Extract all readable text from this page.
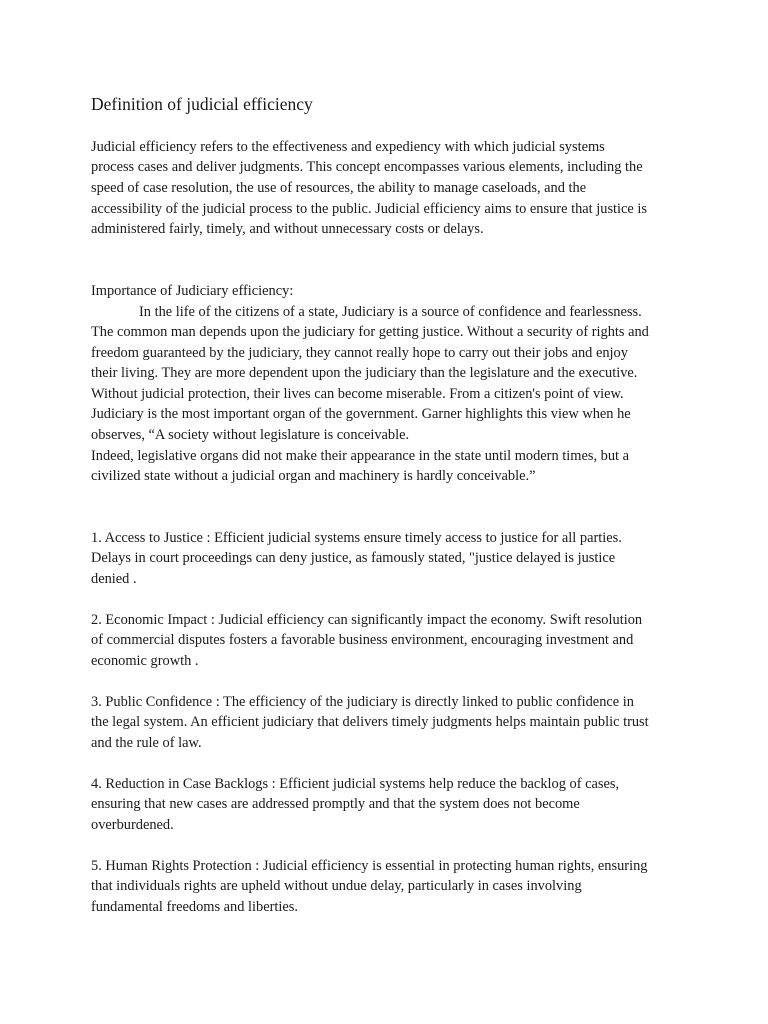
Definition of judicial efficiency

Judicial efficiency refers to the effectiveness and expediency with which judicial systems

process cases and deliver judgments. This concept encompasses various elements, including the

speed of case resolution, the use of resources, the ability to manage caseloads, and the

accessibility of the judicial process to the public. Judicial efficiency aims to ensure that justice is

administered fairly, timely, and without unnecessary costs or delays.

Importance of Judiciary efficiency:

In the life of the citizens of a state, Judiciary is a source of confidence and fearlessness.

The common man depends upon the judiciary for getting justice. Without a security of rights and

freedom guaranteed by the judiciary, they cannot really hope to carry out their jobs and enjoy

their living. They are more dependent upon the judiciary than the legislature and the executive.

Without judicial protection, their lives can become miserable. From a citizen's point of view.

Judiciary is the most important organ of the government. Garner highlights this view when he

observes, “A society without legislature is conceivable.

Indeed, legislative organs did not make their appearance in the state until modern times, but a

civilized state without a judicial organ and machinery is hardly conceivable.”

1. Access to Justice : Efficient judicial systems ensure timely access to justice for all parties.

Delays in court proceedings can deny justice, as famously stated, "justice delayed is justice

denied .

2. Economic Impact : Judicial efficiency can significantly impact the economy. Swift resolution

of commercial disputes fosters a favorable business environment, encouraging investment and

economic growth .

3. Public Confidence : The efficiency of the judiciary is directly linked to public confidence in

the legal system. An efficient judiciary that delivers timely judgments helps maintain public trust

and the rule of law.

4. Reduction in Case Backlogs : Efficient judicial systems help reduce the backlog of cases,

ensuring that new cases are addressed promptly and that the system does not become

overburdened.

5. Human Rights Protection : Judicial efficiency is essential in protecting human rights, ensuring

that individuals rights are upheld without undue delay, particularly in cases involving

fundamental freedoms and liberties.
